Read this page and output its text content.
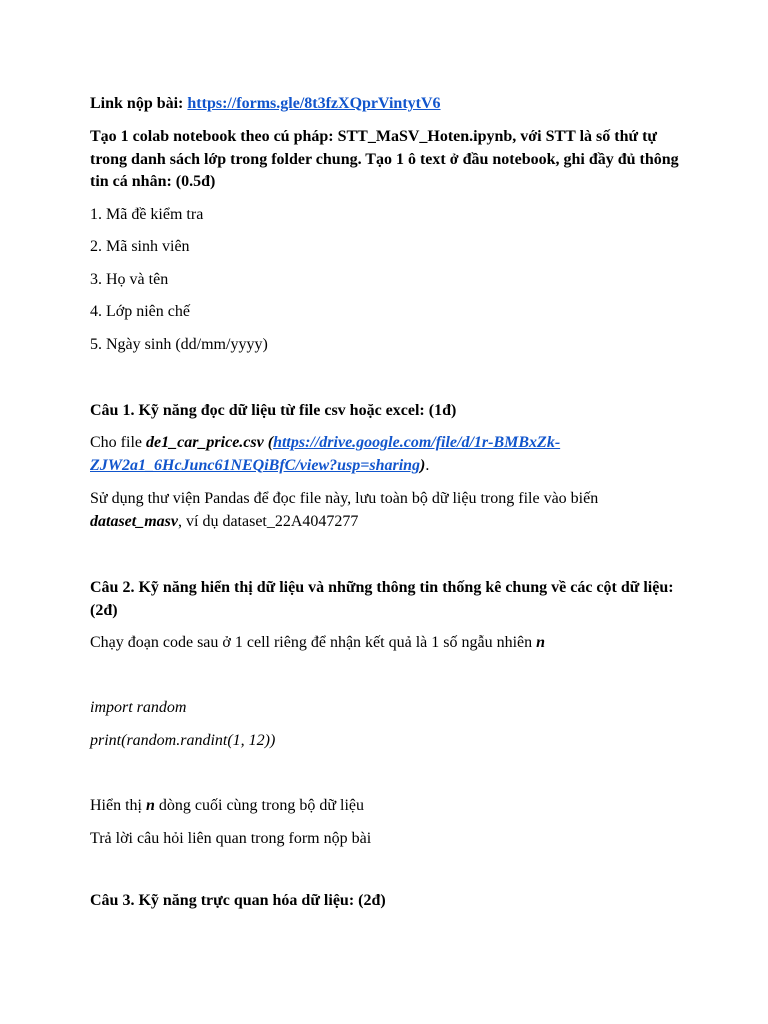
Link nộp bài: https://forms.gle/8t3fzXQprVintytV6
Tạo 1 colab notebook theo cú pháp: STT_MaSV_Hoten.ipynb, với STT là số thứ tự trong danh sách lớp trong folder chung. Tạo 1 ô text ở đầu notebook, ghi đầy đủ thông tin cá nhân: (0.5đ)
1. Mã đề kiểm tra
2. Mã sinh viên
3. Họ và tên
4. Lớp niên chế
5. Ngày sinh (dd/mm/yyyy)
Câu 1. Kỹ năng đọc dữ liệu từ file csv hoặc excel: (1đ)
Cho file de1_car_price.csv (https://drive.google.com/file/d/1r-BMBxZk-ZJW2a1_6HcJunc61NEQiBfC/view?usp=sharing).
Sử dụng thư viện Pandas để đọc file này, lưu toàn bộ dữ liệu trong file vào biến dataset_masv, ví dụ dataset_22A4047277
Câu 2. Kỹ năng hiển thị dữ liệu và những thông tin thống kê chung về các cột dữ liệu: (2đ)
Chạy đoạn code sau ở 1 cell riêng để nhận kết quả là 1 số ngẫu nhiên n
import random
print(random.randint(1, 12))
Hiển thị n dòng cuối cùng trong bộ dữ liệu
Trả lời câu hỏi liên quan trong form nộp bài
Câu 3. Kỹ năng trực quan hóa dữ liệu: (2đ)
